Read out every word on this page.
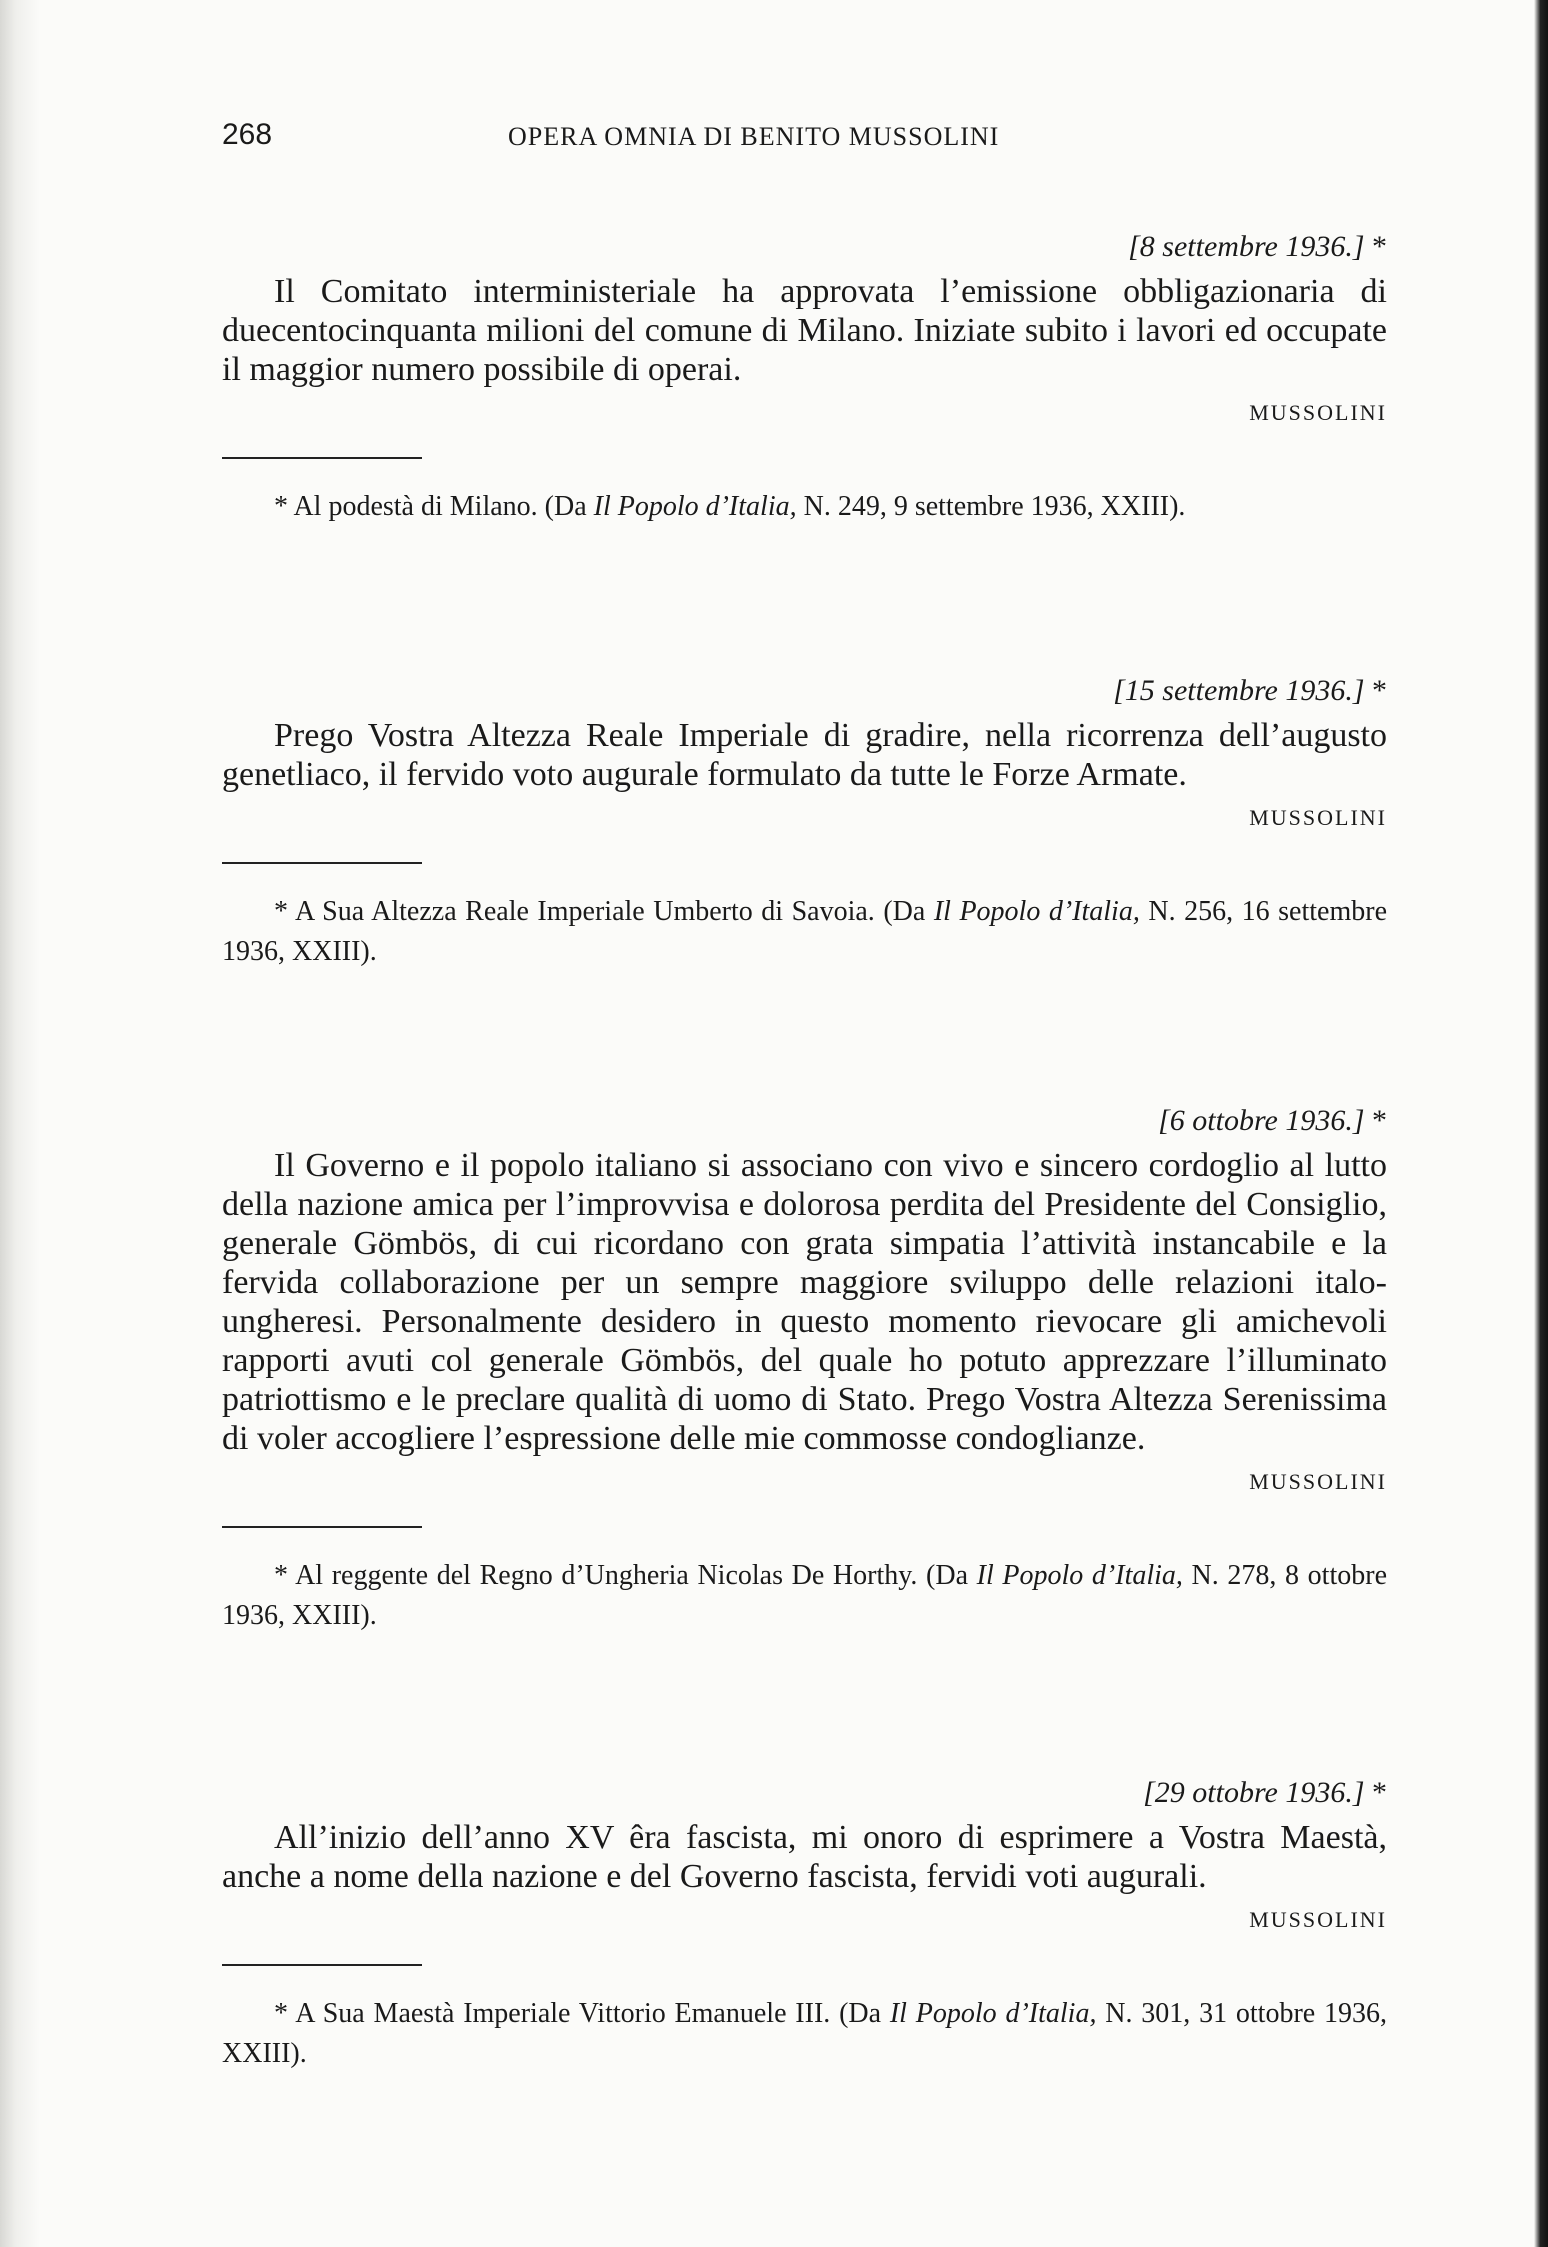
268	OPERA OMNIA DI BENITO MUSSOLINI

[8 settembre 1936.] *

Il Comitato interministeriale ha approvata l’emissione obbligazionaria di duecentocinquanta milioni del comune di Milano. Iniziate subito i lavori ed occupate il maggior numero possibile di operai.

MUSSOLINI

* Al podestà di Milano. (Da Il Popolo d’Italia, N. 249, 9 settembre 1936, XXIII).

[15 settembre 1936.] *

Prego Vostra Altezza Reale Imperiale di gradire, nella ricorrenza dell’augusto genetliaco, il fervido voto augurale formulato da tutte le Forze Armate.

MUSSOLINI

* A Sua Altezza Reale Imperiale Umberto di Savoia. (Da Il Popolo d’Italia, N. 256, 16 settembre 1936, XXIII).

[6 ottobre 1936.] *

Il Governo e il popolo italiano si associano con vivo e sincero cordoglio al lutto della nazione amica per l’improvvisa e dolorosa perdita del Presidente del Consiglio, generale Gömbös, di cui ricordano con grata simpatia l’attività instancabile e la fervida collaborazione per un sempre maggiore sviluppo delle relazioni italo-ungheresi. Personalmente desidero in questo momento rievocare gli amichevoli rapporti avuti col generale Gömbös, del quale ho potuto apprezzare l’illuminato patriottismo e le preclare qualità di uomo di Stato. Prego Vostra Altezza Serenissima di voler accogliere l’espressione delle mie commosse condoglianze.

MUSSOLINI

* Al reggente del Regno d’Ungheria Nicolas De Horthy. (Da Il Popolo d’Italia, N. 278, 8 ottobre 1936, XXIII).

[29 ottobre 1936.] *

All’inizio dell’anno XV êra fascista, mi onoro di esprimere a Vostra Maestà, anche a nome della nazione e del Governo fascista, fervidi voti augurali.

MUSSOLINI

* A Sua Maestà Imperiale Vittorio Emanuele III. (Da Il Popolo d’Italia, N. 301, 31 ottobre 1936, XXIII).
